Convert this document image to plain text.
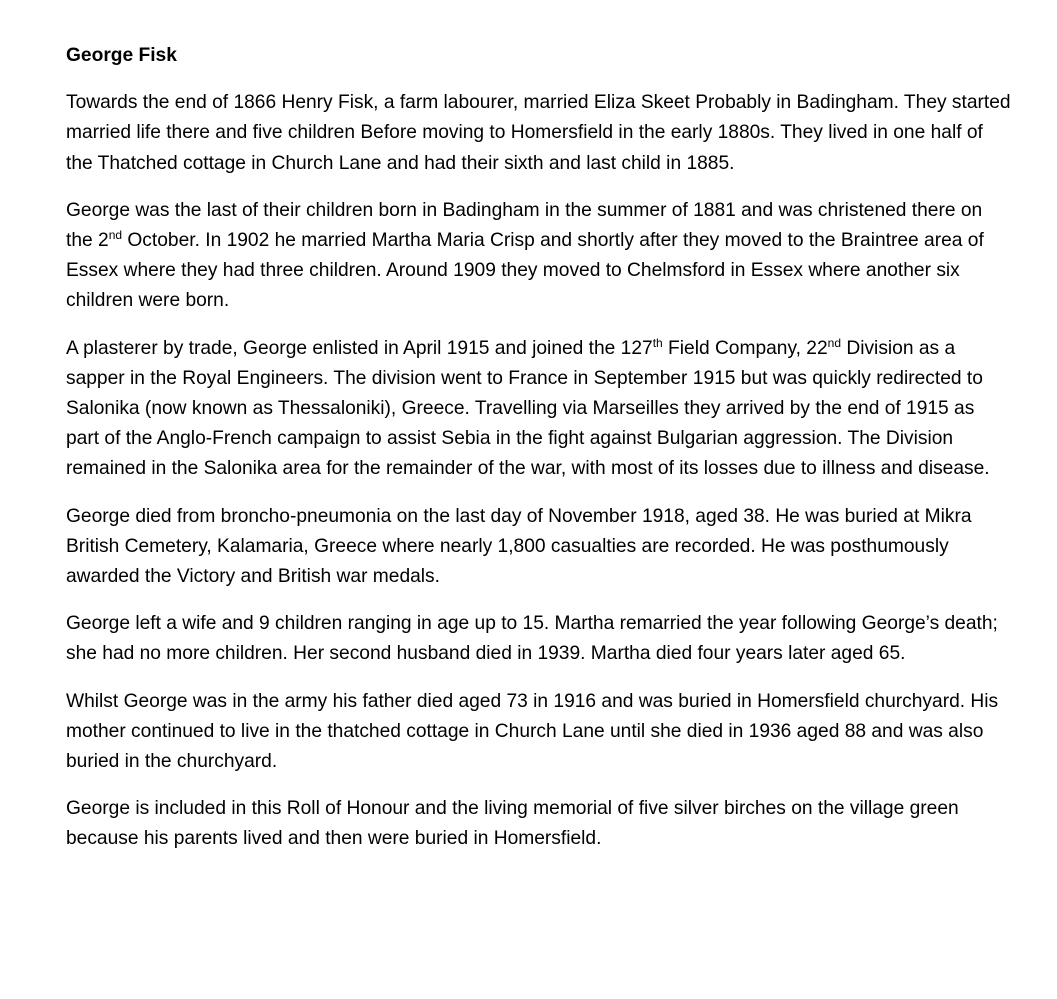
George Fisk

Towards the end of 1866 Henry Fisk, a farm labourer, married Eliza Skeet Probably in Badingham. They started married life there and five children Before moving to Homersfield in the early 1880s. They lived in one half of the Thatched cottage in Church Lane and had their sixth and last child in 1885.

George was the last of their children born in Badingham in the summer of 1881 and was christened there on the 2nd October. In 1902 he married Martha Maria Crisp and shortly after they moved to the Braintree area of Essex where they had three children. Around 1909 they moved to Chelmsford in Essex where another six children were born.

A plasterer by trade, George enlisted in April 1915 and joined the 127th Field Company, 22nd Division as a sapper in the Royal Engineers. The division went to France in September 1915 but was quickly redirected to Salonika (now known as Thessaloniki), Greece. Travelling via Marseilles they arrived by the end of 1915 as part of the Anglo-French campaign to assist Sebia in the fight against Bulgarian aggression. The Division remained in the Salonika area for the remainder of the war, with most of its losses due to illness and disease.

George died from broncho-pneumonia on the last day of November 1918, aged 38. He was buried at Mikra British Cemetery, Kalamaria, Greece where nearly 1,800 casualties are recorded. He was posthumously awarded the Victory and British war medals.

George left a wife and 9 children ranging in age up to 15. Martha remarried the year following George’s death; she had no more children. Her second husband died in 1939. Martha died four years later aged 65.

Whilst George was in the army his father died aged 73 in 1916 and was buried in Homersfield churchyard. His mother continued to live in the thatched cottage in Church Lane until she died in 1936 aged 88 and was also buried in the churchyard.

George is included in this Roll of Honour and the living memorial of five silver birches on the village green because his parents lived and then were buried in Homersfield.
